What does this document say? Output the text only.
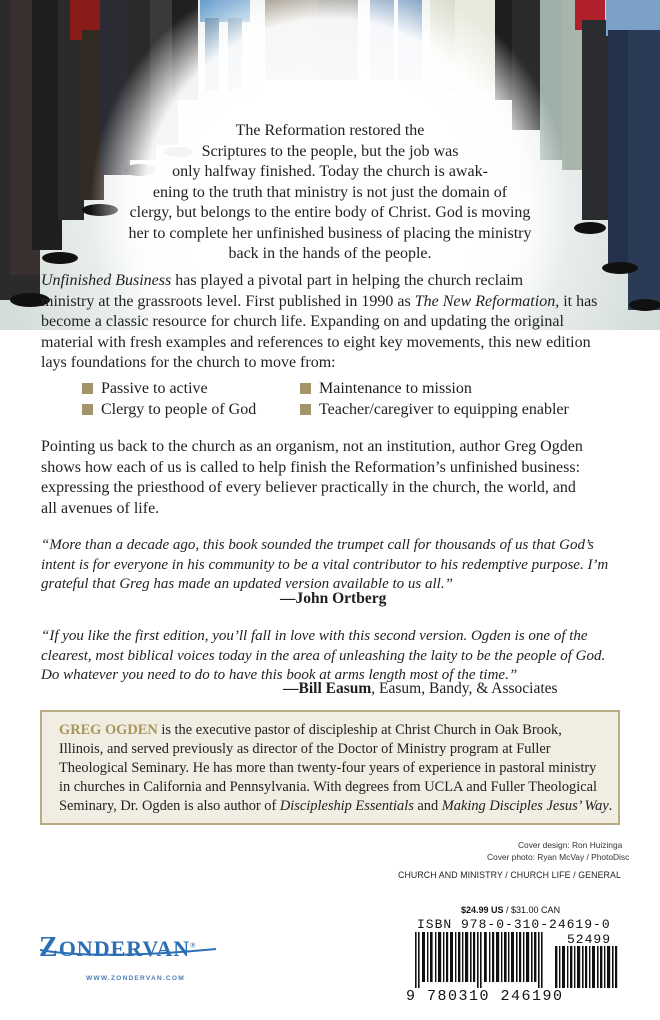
The Reformation restored the
Scriptures to the people, but the job was
only halfway finished. Today the church is awak-
ening to the truth that ministry is not just the domain of
clergy, but belongs to the entire body of Christ. God is moving
her to complete her unfinished business of placing the ministry
back in the hands of the people.
Unfinished Business has played a pivotal part in helping the church reclaim
ministry at the grassroots level. First published in 1990 as The New Reformation, it has
become a classic resource for church life. Expanding on and updating the original
material with fresh examples and references to eight key movements, this new edition
lays foundations for the church to move from:
Passive to active	Maintenance to mission
Clergy to people of God	Teacher/caregiver to equipping enabler
Pointing us back to the church as an organism, not an institution, author Greg Ogden
shows how each of us is called to help finish the Reformation’s unfinished business:
expressing the priesthood of every believer practically in the church, the world, and
all avenues of life.
“More than a decade ago, this book sounded the trumpet call for thousands of us that God’s
intent is for everyone in his community to be a vital contributor to his redemptive purpose. I’m
grateful that Greg has made an updated version available to us all.”
—John Ortberg
“If you like the first edition, you’ll fall in love with this second version. Ogden is one of the
clearest, most biblical voices today in the area of unleashing the laity to be the people of God.
Do whatever you need to do to have this book at arms length most of the time.”
—Bill Easum, Easum, Bandy, & Associates
GREG OGDEN is the executive pastor of discipleship at Christ Church in Oak Brook,
Illinois, and served previously as director of the Doctor of Ministry program at Fuller
Theological Seminary. He has more than twenty-four years of experience in pastoral ministry
in churches in California and Pennsylvania. With degrees from UCLA and Fuller Theological
Seminary, Dr. Ogden is also author of Discipleship Essentials and Making Disciples Jesus’ Way.
Cover design: Ron Huizinga
Cover photo: Ryan McVay / PhotoDisc
CHURCH AND MINISTRY / CHURCH LIFE / GENERAL
$24.99 US / $31.00 CAN
ISBN 978-0-310-24619-0
52499
9 780310 246190
ZONDERVAN®
WWW.ZONDERVAN.COM
